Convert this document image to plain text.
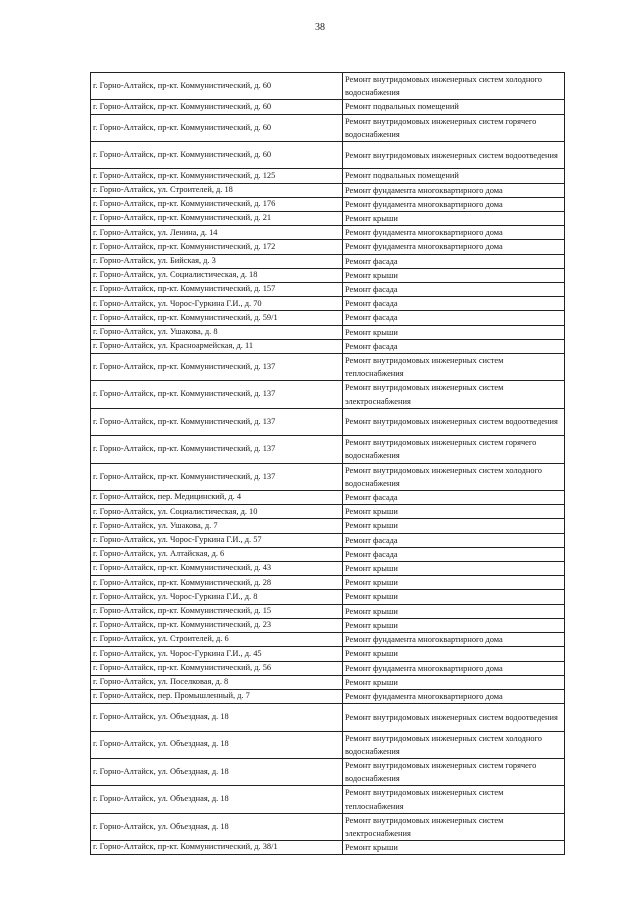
38
г. Горно-Алтайск, пр-кт. Коммунистический, д. 60	Ремонт внутридомовых инженерных систем холодного водоснабжения
г. Горно-Алтайск, пр-кт. Коммунистический, д. 60	Ремонт подвальных помещений
г. Горно-Алтайск, пр-кт. Коммунистический, д. 60	Ремонт внутридомовых инженерных систем горячего водоснабжения
г. Горно-Алтайск, пр-кт. Коммунистический, д. 60	Ремонт внутридомовых инженерных систем водоотведения
г. Горно-Алтайск, пр-кт. Коммунистический, д. 125	Ремонт подвальных помещений
г. Горно-Алтайск, ул. Строителей, д. 18	Ремонт фундамента многоквартирного дома
г. Горно-Алтайск, пр-кт. Коммунистический, д. 176	Ремонт фундамента многоквартирного дома
г. Горно-Алтайск, пр-кт. Коммунистический, д. 21	Ремонт крыши
г. Горно-Алтайск, ул. Ленина, д. 14	Ремонт фундамента многоквартирного дома
г. Горно-Алтайск, пр-кт. Коммунистический, д. 172	Ремонт фундамента многоквартирного дома
г. Горно-Алтайск, ул. Бийская, д. 3	Ремонт фасада
г. Горно-Алтайск, ул. Социалистическая, д. 18	Ремонт крыши
г. Горно-Алтайск, пр-кт. Коммунистический, д. 157	Ремонт фасада
г. Горно-Алтайск, ул. Чорос-Гуркина Г.И., д. 70	Ремонт фасада
г. Горно-Алтайск, пр-кт. Коммунистический, д. 59/1	Ремонт фасада
г. Горно-Алтайск, ул. Ушакова, д. 8	Ремонт крыши
г. Горно-Алтайск, ул. Красноармейская, д. 11	Ремонт фасада
г. Горно-Алтайск, пр-кт. Коммунистический, д. 137	Ремонт внутридомовых инженерных систем теплоснабжения
г. Горно-Алтайск, пр-кт. Коммунистический, д. 137	Ремонт внутридомовых инженерных систем электроснабжения
г. Горно-Алтайск, пр-кт. Коммунистический, д. 137	Ремонт внутридомовых инженерных систем водоотведения
г. Горно-Алтайск, пр-кт. Коммунистический, д. 137	Ремонт внутридомовых инженерных систем горячего водоснабжения
г. Горно-Алтайск, пр-кт. Коммунистический, д. 137	Ремонт внутридомовых инженерных систем холодного водоснабжения
г. Горно-Алтайск, пер. Медицинский, д. 4	Ремонт фасада
г. Горно-Алтайск, ул. Социалистическая, д. 10	Ремонт крыши
г. Горно-Алтайск, ул. Ушакова, д. 7	Ремонт крыши
г. Горно-Алтайск, ул. Чорос-Гуркина Г.И., д. 57	Ремонт фасада
г. Горно-Алтайск, ул. Алтайская, д. 6	Ремонт фасада
г. Горно-Алтайск, пр-кт. Коммунистический, д. 43	Ремонт крыши
г. Горно-Алтайск, пр-кт. Коммунистический, д. 28	Ремонт крыши
г. Горно-Алтайск, ул. Чорос-Гуркина Г.И., д. 8	Ремонт крыши
г. Горно-Алтайск, пр-кт. Коммунистический, д. 15	Ремонт крыши
г. Горно-Алтайск, пр-кт. Коммунистический, д. 23	Ремонт крыши
г. Горно-Алтайск, ул. Строителей, д. 6	Ремонт фундамента многоквартирного дома
г. Горно-Алтайск, ул. Чорос-Гуркина Г.И., д. 45	Ремонт крыши
г. Горно-Алтайск, пр-кт. Коммунистический, д. 56	Ремонт фундамента многоквартирного дома
г. Горно-Алтайск, ул. Поселковая, д. 8	Ремонт крыши
г. Горно-Алтайск, пер. Промышленный, д. 7	Ремонт фундамента многоквартирного дома
г. Горно-Алтайск, ул. Объездная, д. 18	Ремонт внутридомовых инженерных систем водоотведения
г. Горно-Алтайск, ул. Объездная, д. 18	Ремонт внутридомовых инженерных систем холодного водоснабжения
г. Горно-Алтайск, ул. Объездная, д. 18	Ремонт внутридомовых инженерных систем горячего водоснабжения
г. Горно-Алтайск, ул. Объездная, д. 18	Ремонт внутридомовых инженерных систем теплоснабжения
г. Горно-Алтайск, ул. Объездная, д. 18	Ремонт внутридомовых инженерных систем электроснабжения
г. Горно-Алтайск, пр-кт. Коммунистический, д. 38/1	Ремонт крыши
